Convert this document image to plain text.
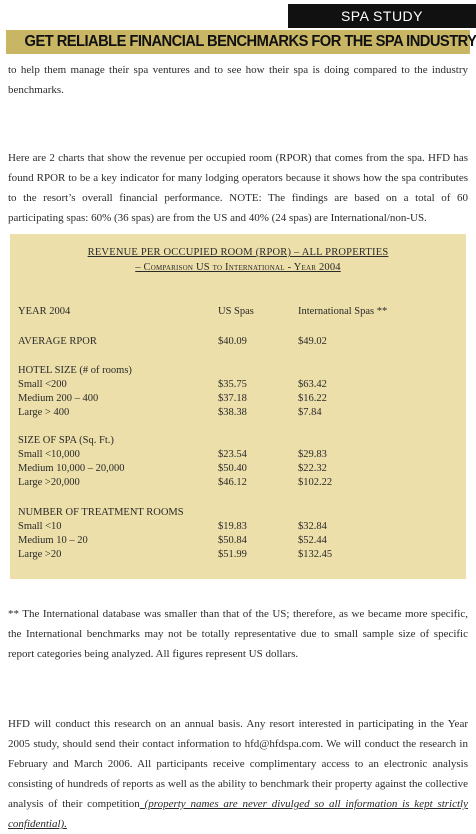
SPA STUDY
GET RELIABLE FINANCIAL BENCHMARKS FOR THE SPA INDUSTRY

to help them manage their spa ventures and to see how their spa is doing compared to the industry benchmarks.

Here are 2 charts that show the revenue per occupied room (RPOR) that comes from the spa. HFD has found RPOR to be a key indicator for many lodging operators because it shows how the spa contributes to the resort’s overall financial performance. NOTE: The findings are based on a total of 60 participating spas: 60% (36 spas) are from the US and 40% (24 spas) are International/non-US.

REVENUE PER OCCUPIED ROOM (RPOR) – ALL PROPERTIES
– Comparison US to International - Year 2004
YEAR 2004	US Spas	International Spas **
AVERAGE RPOR	$40.09	$49.02
HOTEL SIZE (# of rooms)
Small <200	$35.75	$63.42
Medium 200 – 400	$37.18	$16.22
Large > 400	$38.38	$7.84
SIZE OF SPA (Sq. Ft.)
Small <10,000	$23.54	$29.83
Medium 10,000 – 20,000	$50.40	$22.32
Large >20,000	$46.12	$102.22
NUMBER OF TREATMENT ROOMS
Small <10	$19.83	$32.84
Medium 10 – 20	$50.84	$52.44
Large >20	$51.99	$132.45

** The International database was smaller than that of the US; therefore, as we became more specific, the International benchmarks may not be totally representative due to small sample size of specific report categories being analyzed. All figures represent US dollars.

HFD will conduct this research on an annual basis. Any resort interested in participating in the Year 2005 study, should send their contact information to hfd@hfdspa.com. We will conduct the research in February and March 2006. All participants receive complimentary access to an electronic analysis consisting of hundreds of reports as well as the ability to benchmark their property against the collective analysis of their competition (property names are never divulged so all information is kept strictly confidential).
